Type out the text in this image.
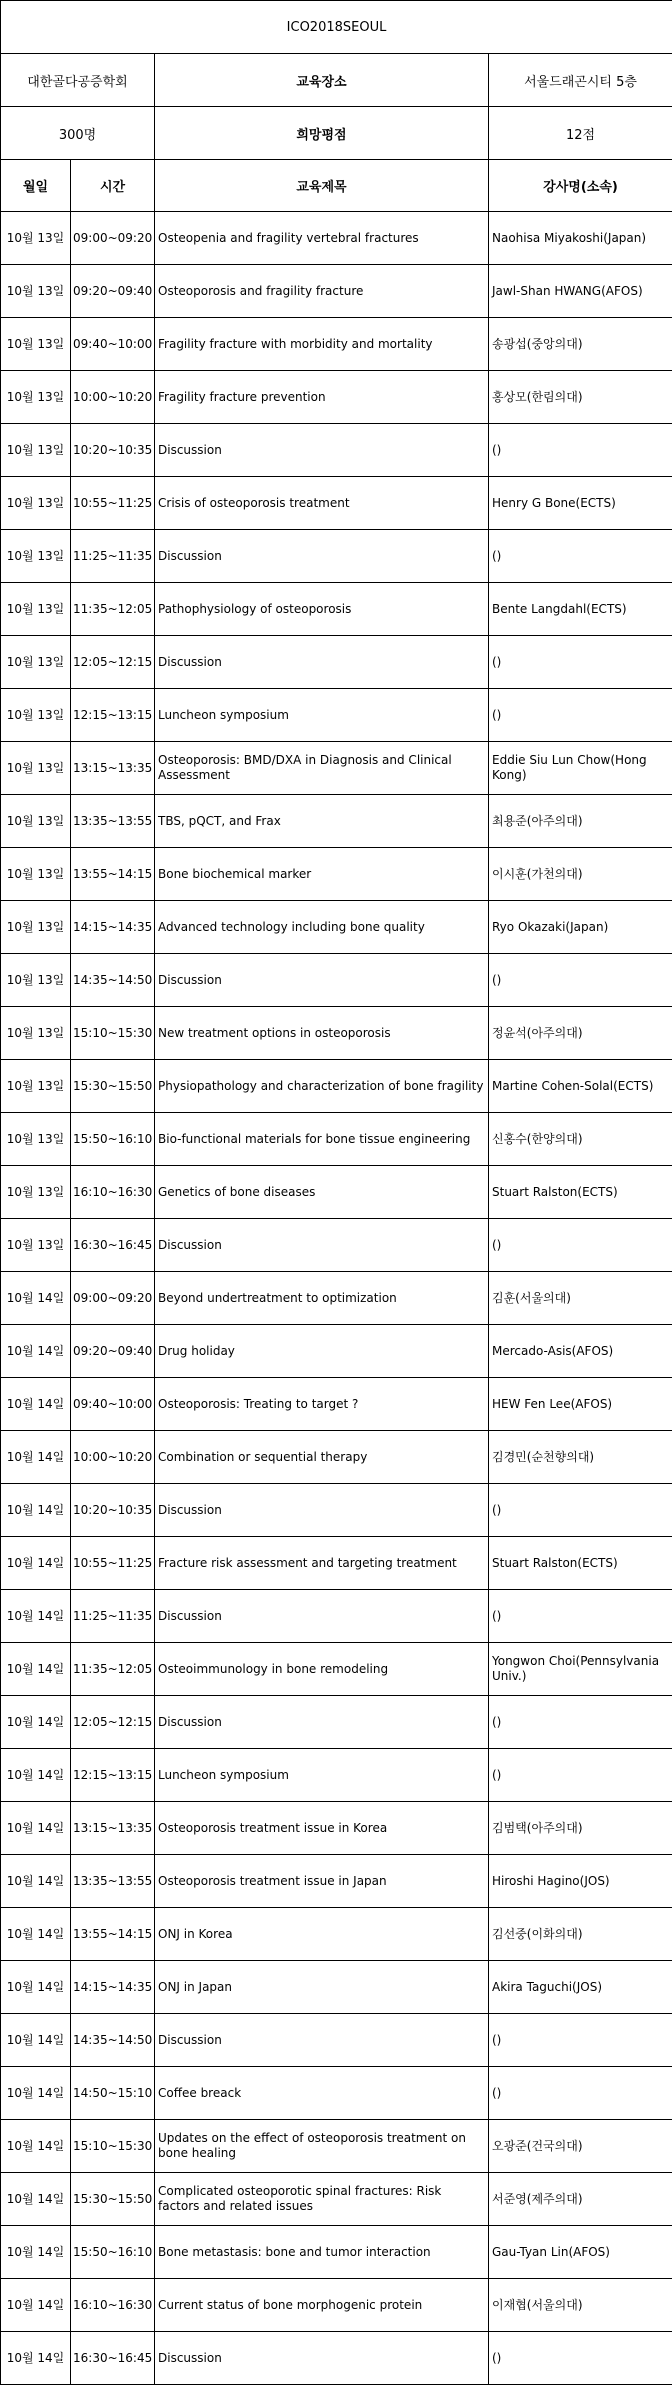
ICO2018SEOUL			
대한골다공증학회		교육장소	서울드래곤시티 5층
300명		희망평점	12점
월일	시간	교육제목	강사명(소속)
10월 13일	09:00~09:20	Osteopenia and fragility vertebral fractures	Naohisa Miyakoshi(Japan)
10월 13일	09:20~09:40	Osteoporosis and fragility fracture	Jawl-Shan HWANG(AFOS)
10월 13일	09:40~10:00	Fragility fracture with morbidity and mortality	송광섭(중앙의대)
10월 13일	10:00~10:20	Fragility fracture prevention	홍상모(한림의대)
10월 13일	10:20~10:35	Discussion	()
10월 13일	10:55~11:25	Crisis of osteoporosis treatment	Henry G Bone(ECTS)
10월 13일	11:25~11:35	Discussion	()
10월 13일	11:35~12:05	Pathophysiology of osteoporosis	Bente Langdahl(ECTS)
10월 13일	12:05~12:15	Discussion	()
10월 13일	12:15~13:15	Luncheon symposium	()
10월 13일	13:15~13:35	Osteoporosis: BMD/DXA in Diagnosis and Clinical Assessment	Eddie Siu Lun Chow(Hong Kong)
10월 13일	13:35~13:55	TBS, pQCT, and Frax	최용준(아주의대)
10월 13일	13:55~14:15	Bone biochemical marker	이시훈(가천의대)
10월 13일	14:15~14:35	Advanced technology including bone quality	Ryo Okazaki(Japan)
10월 13일	14:35~14:50	Discussion	()
10월 13일	15:10~15:30	New treatment options in osteoporosis	정윤석(아주의대)
10월 13일	15:30~15:50	Physiopathology and characterization of bone fragility	Martine Cohen-Solal(ECTS)
10월 13일	15:50~16:10	Bio-functional materials for bone tissue engineering	신홍수(한양의대)
10월 13일	16:10~16:30	Genetics of bone diseases	Stuart Ralston(ECTS)
10월 13일	16:30~16:45	Discussion	()
10월 14일	09:00~09:20	Beyond undertreatment to optimization	김훈(서울의대)
10월 14일	09:20~09:40	Drug holiday	Mercado-Asis(AFOS)
10월 14일	09:40~10:00	Osteoporosis: Treating to target ?	HEW Fen Lee(AFOS)
10월 14일	10:00~10:20	Combination or sequential therapy	김경민(순천향의대)
10월 14일	10:20~10:35	Discussion	()
10월 14일	10:55~11:25	Fracture risk assessment and targeting treatment	Stuart Ralston(ECTS)
10월 14일	11:25~11:35	Discussion	()
10월 14일	11:35~12:05	Osteoimmunology in bone remodeling	Yongwon Choi(Pennsylvania Univ.)
10월 14일	12:05~12:15	Discussion	()
10월 14일	12:15~13:15	Luncheon symposium	()
10월 14일	13:15~13:35	Osteoporosis treatment issue in Korea	김범택(아주의대)
10월 14일	13:35~13:55	Osteoporosis treatment issue in Japan	Hiroshi Hagino(JOS)
10월 14일	13:55~14:15	ONJ in Korea	김선중(이화의대)
10월 14일	14:15~14:35	ONJ in Japan	Akira Taguchi(JOS)
10월 14일	14:35~14:50	Discussion	()
10월 14일	14:50~15:10	Coffee breack	()
10월 14일	15:10~15:30	Updates on the effect of osteoporosis treatment on bone healing	오광준(건국의대)
10월 14일	15:30~15:50	Complicated osteoporotic spinal fractures: Risk factors and related issues	서준영(제주의대)
10월 14일	15:50~16:10	Bone metastasis: bone and tumor interaction	Gau-Tyan Lin(AFOS)
10월 14일	16:10~16:30	Current status of bone morphogenic protein	이재협(서울의대)
10월 14일	16:30~16:45	Discussion	()
